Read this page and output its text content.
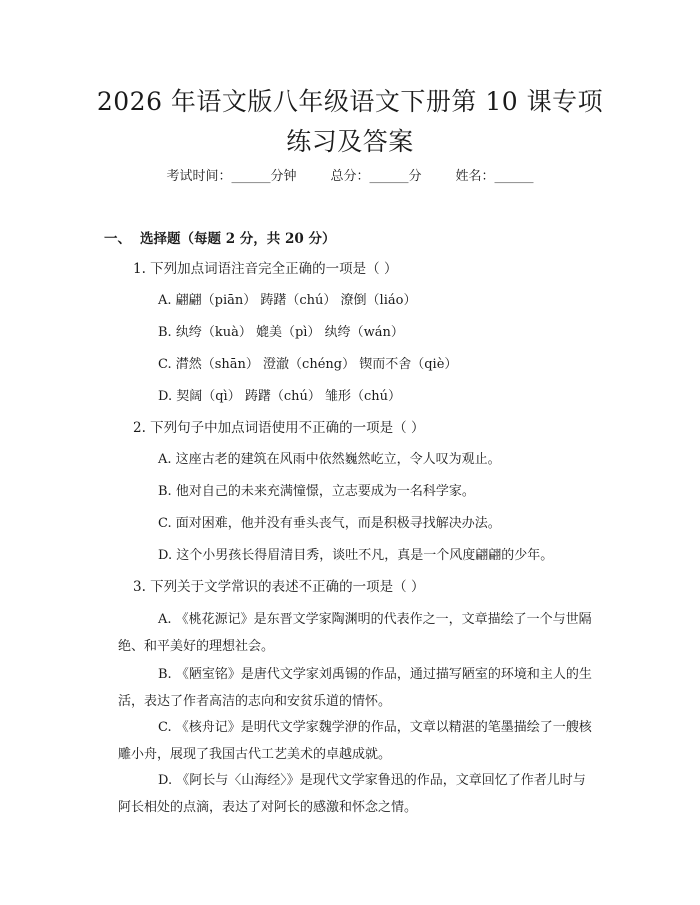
2026 年语文版八年级语文下册第 10 课专项
练习及答案
考试时间：______分钟	总分：______分	姓名：______
一、 选择题（每题 2 分，共 20 分）
1. 下列加点词语注音完全正确的一项是（ ）
A. 翩翩（piān） 踌躇（chú） 潦倒（liáo）
B. 纨绔（kuà） 媲美（pì） 纨绔（wán）
C. 潸然（shān） 澄澈（chéng） 锲而不舍（qiè）
D. 契阔（qì） 踌躇（chú） 雏形（chú）
2. 下列句子中加点词语使用不正确的一项是（ ）
A. 这座古老的建筑在风雨中依然巍然屹立，令人叹为观止。
B. 他对自己的未来充满憧憬，立志要成为一名科学家。
C. 面对困难，他并没有垂头丧气，而是积极寻找解决办法。
D. 这个小男孩长得眉清目秀，谈吐不凡，真是一个风度翩翩的少年。
3. 下列关于文学常识的表述不正确的一项是（ ）

A. 《桃花源记》是东晋文学家陶渊明的代表作之一，文章描绘了一个与世隔绝、和平美好的理想社会。

B. 《陋室铭》是唐代文学家刘禹锡的作品，通过描写陋室的环境和主人的生活，表达了作者高洁的志向和安贫乐道的情怀。

C. 《核舟记》是明代文学家魏学洢的作品，文章以精湛的笔墨描绘了一艘核雕小舟，展现了我国古代工艺美术的卓越成就。

D. 《阿长与〈山海经〉》是现代文学家鲁迅的作品，文章回忆了作者儿时与阿长相处的点滴，表达了对阿长的感激和怀念之情。
